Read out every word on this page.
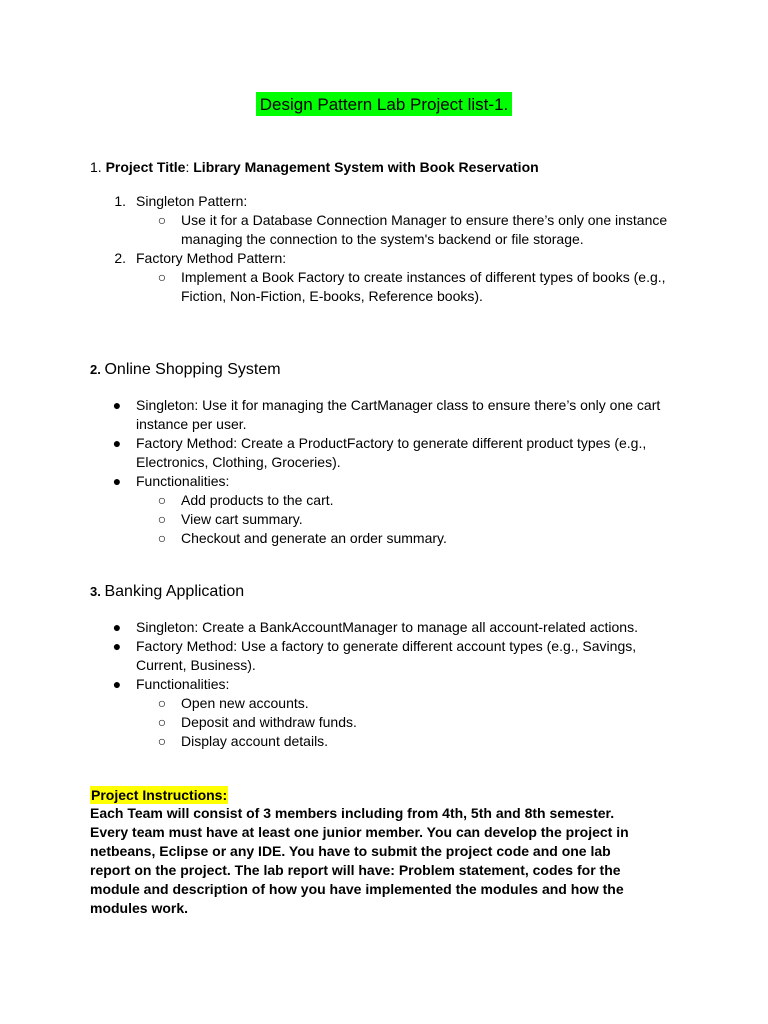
Design Pattern Lab Project list-1.
1. Project Title: Library Management System with Book Reservation
1. Singleton Pattern:
○ Use it for a Database Connection Manager to ensure there’s only one instance managing the connection to the system's backend or file storage.
2. Factory Method Pattern:
○ Implement a Book Factory to create instances of different types of books (e.g., Fiction, Non-Fiction, E-books, Reference books).
2. Online Shopping System
● Singleton: Use it for managing the CartManager class to ensure there’s only one cart instance per user.
● Factory Method: Create a ProductFactory to generate different product types (e.g., Electronics, Clothing, Groceries).
● Functionalities:
○ Add products to the cart.
○ View cart summary.
○ Checkout and generate an order summary.
3. Banking Application
● Singleton: Create a BankAccountManager to manage all account-related actions.
● Factory Method: Use a factory to generate different account types (e.g., Savings, Current, Business).
● Functionalities:
○ Open new accounts.
○ Deposit and withdraw funds.
○ Display account details.
Project Instructions:
Each Team will consist of 3 members including from 4th, 5th and 8th semester. Every team must have at least one junior member. You can develop the project in netbeans, Eclipse or any IDE. You have to submit the project code and one lab report on the project. The lab report will have: Problem statement, codes for the module and description of how you have implemented the modules and how the modules work.
